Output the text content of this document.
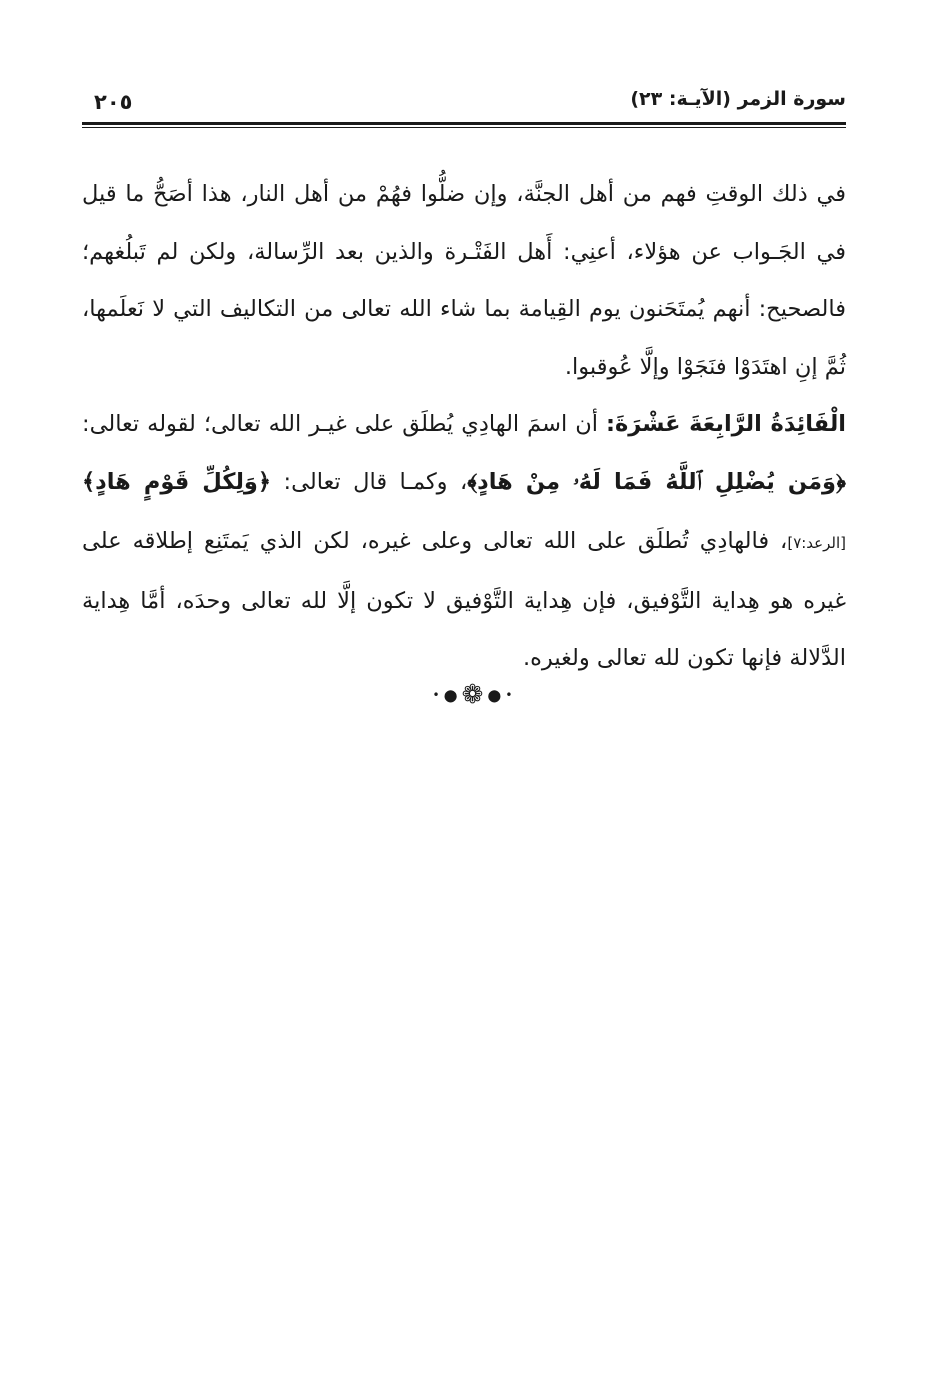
٢٠٥	سورة الزمر (الآيـة: ٢٣)

في ذلك الوقتِ فهم من أهل الجنَّة، وإن ضلُّوا فهُمْ من أهل النار، هذا أصَحُّ ما قيل في الجَـواب عن هؤلاء، أعنِي: أَهل الفَتْـرة والذين بعد الرِّسالة، ولكن لم تَبلُغهم؛ فالصحيح: أنهم يُمتَحَنون يوم القِيامة بما شاء الله تعالى من التكاليف التي لا نَعلَمها، ثُمَّ إنِ اهتَدَوْا فنَجَوْا وإلَّا عُوقبوا.

الْفَائِدَةُ الرَّابِعَةَ عَشْرَةَ: أن اسمَ الهادِي يُطلَق على غيـر الله تعالى؛ لقوله تعالى: ﴿وَمَن يُضْلِلِ ٱللَّهُ فَمَا لَهُۥ مِنْ هَادٍ﴾، وكمـا قال تعالى: ﴿وَلِكُلِّ قَوْمٍ هَادٍ﴾ [الرعد:٧]، فالهادِي تُطلَق على الله تعالى وعلى غيره، لكن الذي يَمتَنِع إطلاقه على غيره هو هِداية التَّوْفيق، فإن هِداية التَّوْفيق لا تكون إلَّا لله تعالى وحدَه، أمَّا هِداية الدَّلالة فإنها تكون لله تعالى ولغيره.

•●❁●•
